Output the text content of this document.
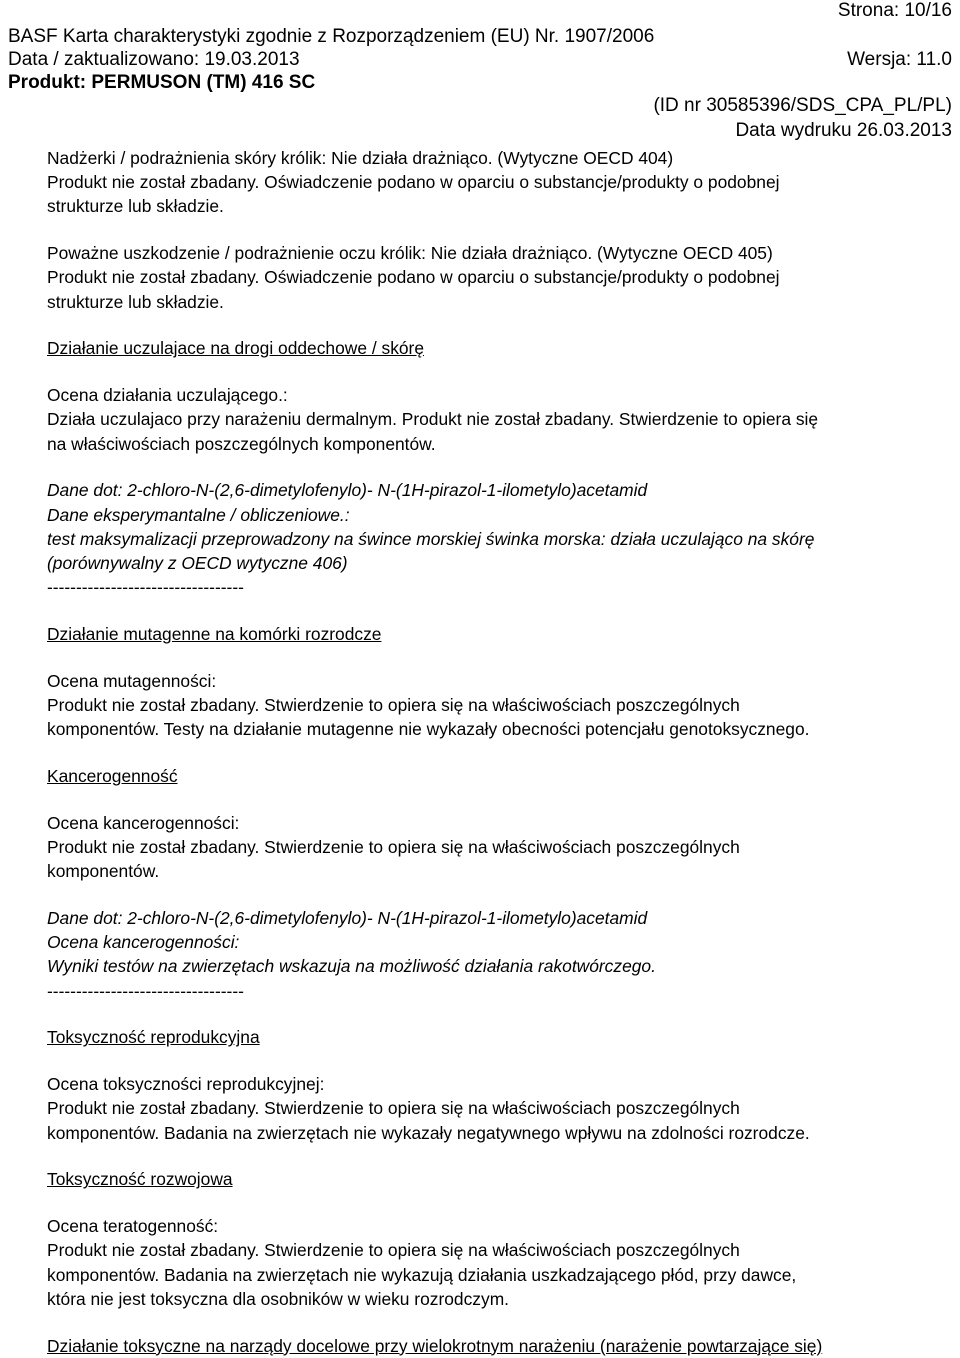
Strona: 10/16
BASF Karta charakterystyki zgodnie z Rozporządzeniem (EU) Nr. 1907/2006
Data / zaktualizowano: 19.03.2013	Wersja: 11.0
Produkt: PERMUSON (TM) 416 SC
(ID nr 30585396/SDS_CPA_PL/PL)
Data wydruku 26.03.2013

Nadżerki / podrażnienia skóry królik: Nie działa drażniąco. (Wytyczne OECD 404)

Produkt nie został zbadany. Oświadczenie podano w oparciu o substancje/produkty o podobnej

strukturze lub składzie.

Poważne uszkodzenie / podrażnienie oczu królik: Nie działa drażniąco. (Wytyczne OECD 405)

Produkt nie został zbadany. Oświadczenie podano w oparciu o substancje/produkty o podobnej

strukturze lub składzie.

Działanie uczulajace na drogi oddechowe / skórę

Ocena działania uczulającego.:

Działa uczulajaco przy narażeniu dermalnym. Produkt nie został zbadany. Stwierdzenie to opiera się

na właściwościach poszczególnych komponentów.

Dane dot: 2-chloro-N-(2,6-dimetylofenylo)- N-(1H-pirazol-1-ilometylo)acetamid

Dane eksperymantalne / obliczeniowe.:

test maksymalizacji przeprowadzony na śwince morskiej świnka morska: działa uczulająco na skórę

(porównywalny z OECD wytyczne 406)

----------------------------------

Działanie mutagenne na komórki rozrodcze

Ocena mutagenności:

Produkt nie został zbadany. Stwierdzenie to opiera się na właściwościach poszczególnych

komponentów. Testy na działanie mutagenne nie wykazały obecności potencjału genotoksycznego.

Kancerogenność

Ocena kancerogenności:

Produkt nie został zbadany. Stwierdzenie to opiera się na właściwościach poszczególnych

komponentów.

Dane dot: 2-chloro-N-(2,6-dimetylofenylo)- N-(1H-pirazol-1-ilometylo)acetamid

Ocena kancerogenności:

Wyniki testów na zwierzętach wskazuja na możliwość działania rakotwórczego.

----------------------------------

Toksyczność reprodukcyjna

Ocena toksyczności reprodukcyjnej:

Produkt nie został zbadany. Stwierdzenie to opiera się na właściwościach poszczególnych

komponentów. Badania na zwierzętach nie wykazały negatywnego wpływu na zdolności rozrodcze.

Toksyczność rozwojowa

Ocena teratogenność:

Produkt nie został zbadany. Stwierdzenie to opiera się na właściwościach poszczególnych

komponentów. Badania na zwierzętach nie wykazują działania uszkadzającego płód, przy dawce,

która nie jest toksyczna dla osobników w wieku rozrodczym.

Działanie toksyczne na narządy docelowe przy wielokrotnym narażeniu (narażenie powtarzające się)
